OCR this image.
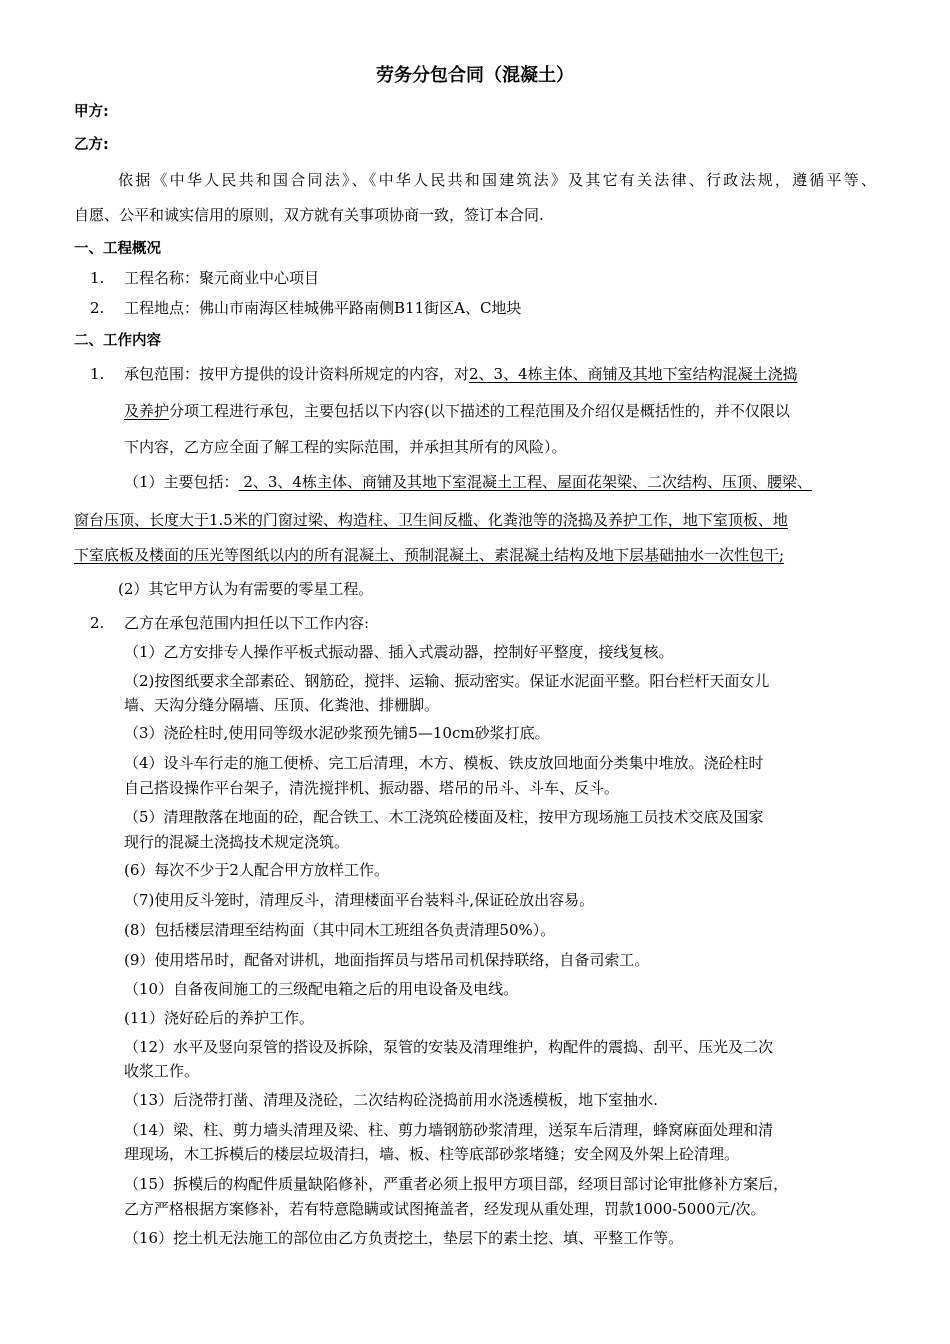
劳务分包合同（混凝土）
甲方:
乙方:
依据《中华人民共和国合同法》、《中华人民共和国建筑法》及其它有关法律、行政法规，遵循平等、
自愿、公平和诚实信用的原则，双方就有关事项协商一致，签订本合同.
一、工程概况
1. 工程名称：聚元商业中心项目
2. 工程地点：佛山市南海区桂城佛平路南侧B11街区A、C地块
二、工作内容
1. 承包范围：按甲方提供的设计资料所规定的内容，对2、3、4栋主体、商铺及其地下室结构混凝土浇捣
及养护分项工程进行承包，主要包括以下内容(以下描述的工程范围及介绍仅是概括性的，并不仅限以
下内容，乙方应全面了解工程的实际范围，并承担其所有的风险）。
（1）主要包括： 2、3、4栋主体、商铺及其地下室混凝土工程、屋面花架梁、二次结构、压顶、腰梁、
窗台压顶、长度大于1.5米的门窗过梁、构造柱、卫生间反槛、化粪池等的浇捣及养护工作，地下室顶板、地
下室底板及楼面的压光等图纸以内的所有混凝土、预制混凝土、素混凝土结构及地下层基础抽水一次性包干;
(2）其它甲方认为有需要的零星工程。
2. 乙方在承包范围内担任以下工作内容:
（1）乙方安排专人操作平板式振动器、插入式震动器，控制好平整度，接线复核。
（2)按图纸要求全部素砼、钢筋砼，搅拌、运输、振动密实。保证水泥面平整。阳台栏杆天面女儿
墙、天沟分缝分隔墙、压顶、化粪池、排栅脚。
（3）浇砼柱时,使用同等级水泥砂浆预先铺5—10cm砂浆打底。
（4）设斗车行走的施工便桥、完工后清理，木方、模板、铁皮放回地面分类集中堆放。浇砼柱时
自己搭设操作平台架子，清洗搅拌机、振动器、塔吊的吊斗、斗车、反斗。
（5）清理散落在地面的砼，配合铁工、木工浇筑砼楼面及柱，按甲方现场施工员技术交底及国家
现行的混凝土浇捣技术规定浇筑。
(6）每次不少于2人配合甲方放样工作。
（7)使用反斗笼时，清理反斗，清理楼面平台装料斗,保证砼放出容易。
(8）包括楼层清理至结构面（其中同木工班组各负责清理50%）。
(9）使用塔吊时，配备对讲机，地面指挥员与塔吊司机保持联络，自备司索工。
（10）自备夜间施工的三级配电箱之后的用电设备及电线。
(11）浇好砼后的养护工作。
（12）水平及竖向泵管的搭设及拆除，泵管的安装及清理维护，构配件的震捣、刮平、压光及二次
收浆工作。
（13）后浇带打凿、清理及浇砼，二次结构砼浇捣前用水浇透模板，地下室抽水.
（14）梁、柱、剪力墙头清理及梁、柱、剪力墙钢筋砂浆清理，送泵车后清理，蜂窝麻面处理和清
理现场，木工拆模后的楼层垃圾清扫，墙、板、柱等底部砂浆堵缝；安全网及外架上砼清理。
（15）拆模后的构配件质量缺陷修补，严重者必须上报甲方项目部，经项目部讨论审批修补方案后，
乙方严格根据方案修补，若有特意隐瞒或试图掩盖者，经发现从重处理，罚款1000-5000元/次。
（16）挖土机无法施工的部位由乙方负责挖土，垫层下的素土挖、填、平整工作等。
